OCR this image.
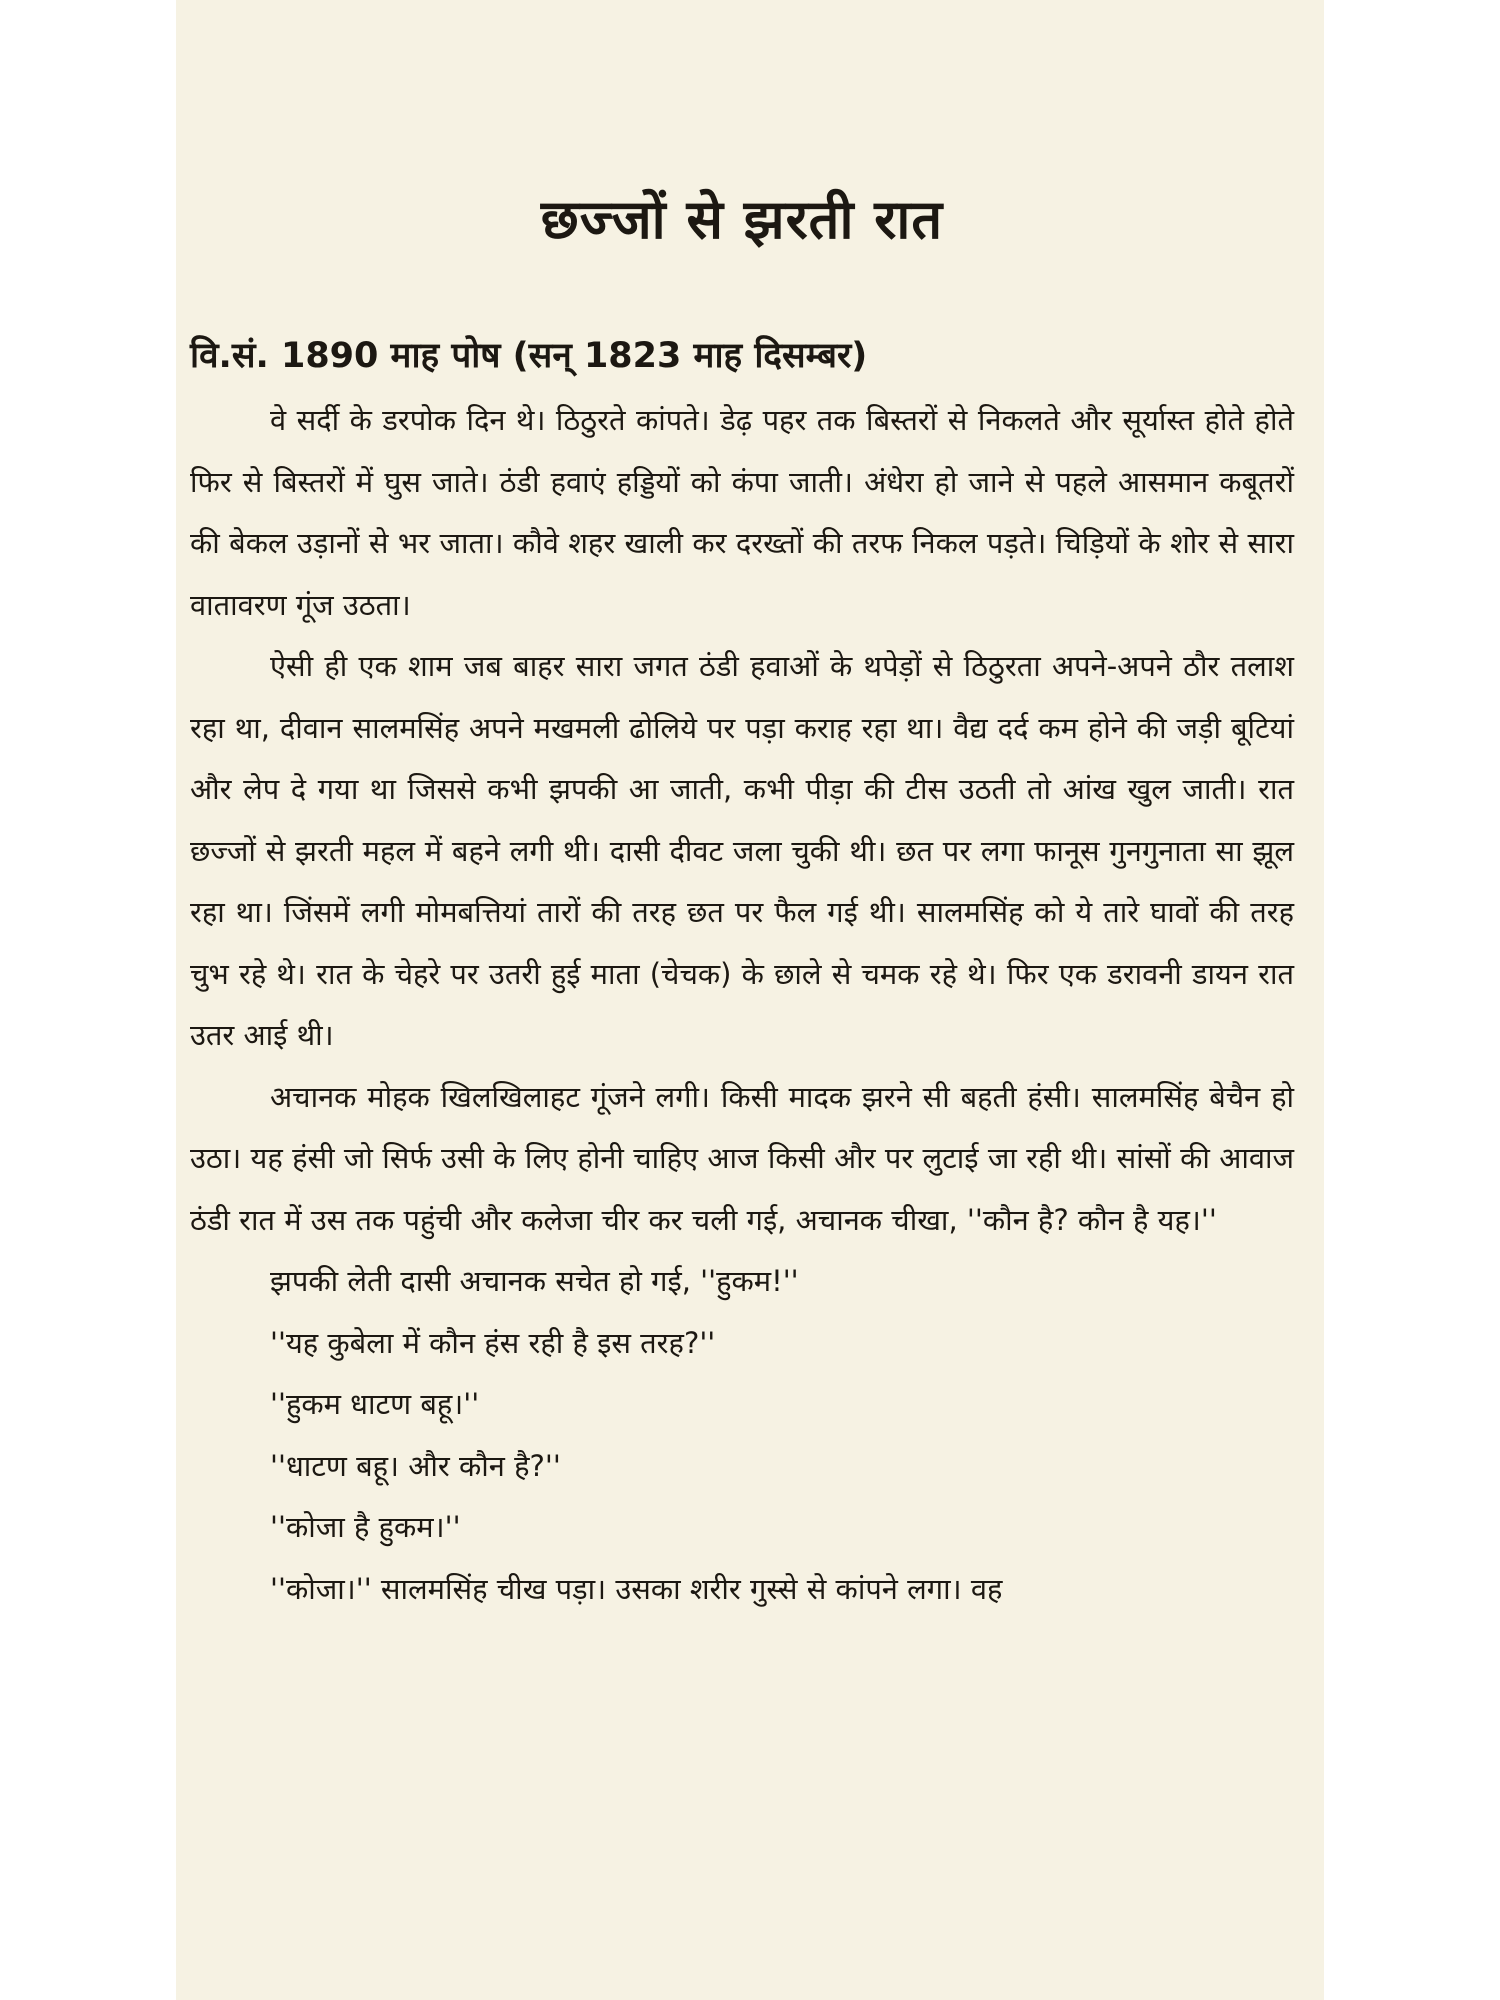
छज्जों से झरती रात
वि.सं. 1890 माह पोष (सन् 1823 माह दिसम्बर)

वे सर्दी के डरपोक दिन थे। ठिठुरते कांपते। डेढ़ पहर तक बिस्तरों से निकलते और सूर्यास्त होते होते फिर से बिस्तरों में घुस जाते। ठंडी हवाएं हड्डियों को कंपा जाती। अंधेरा हो जाने से पहले आसमान कबूतरों की बेकल उड़ानों से भर जाता। कौवे शहर खाली कर दरख्तों की तरफ निकल पड़ते। चिड़ियों के शोर से सारा वातावरण गूंज उठता।

ऐसी ही एक शाम जब बाहर सारा जगत ठंडी हवाओं के थपेड़ों से ठिठुरता अपने-अपने ठौर तलाश रहा था, दीवान सालमसिंह अपने मखमली ढोलिये पर पड़ा कराह रहा था। वैद्य दर्द कम होने की जड़ी बूटियां और लेप दे गया था जिससे कभी झपकी आ जाती, कभी पीड़ा की टीस उठती तो आंख खुल जाती। रात छज्जों से झरती महल में बहने लगी थी। दासी दीवट जला चुकी थी। छत पर लगा फानूस गुनगुनाता सा झूल रहा था। जिंसमें लगी मोमबत्तियां तारों की तरह छत पर फैल गई थी। सालमसिंह को ये तारे घावों की तरह चुभ रहे थे। रात के चेहरे पर उतरी हुई माता (चेचक) के छाले से चमक रहे थे। फिर एक डरावनी डायन रात उतर आई थी।

अचानक मोहक खिलखिलाहट गूंजने लगी। किसी मादक झरने सी बहती हंसी। सालमसिंह बेचैन हो उठा। यह हंसी जो सिर्फ उसी के लिए होनी चाहिए आज किसी और पर लुटाई जा रही थी। सांसों की आवाज ठंडी रात में उस तक पहुंची और कलेजा चीर कर चली गई, अचानक चीखा, ''कौन है? कौन है यह।''

झपकी लेती दासी अचानक सचेत हो गई, ''हुकम!''

''यह कुबेला में कौन हंस रही है इस तरह?''

''हुकम धाटण बहू।''

''धाटण बहू। और कौन है?''

''कोजा है हुकम।''

''कोजा।'' सालमसिंह चीख पड़ा। उसका शरीर गुस्से से कांपने लगा। वह
